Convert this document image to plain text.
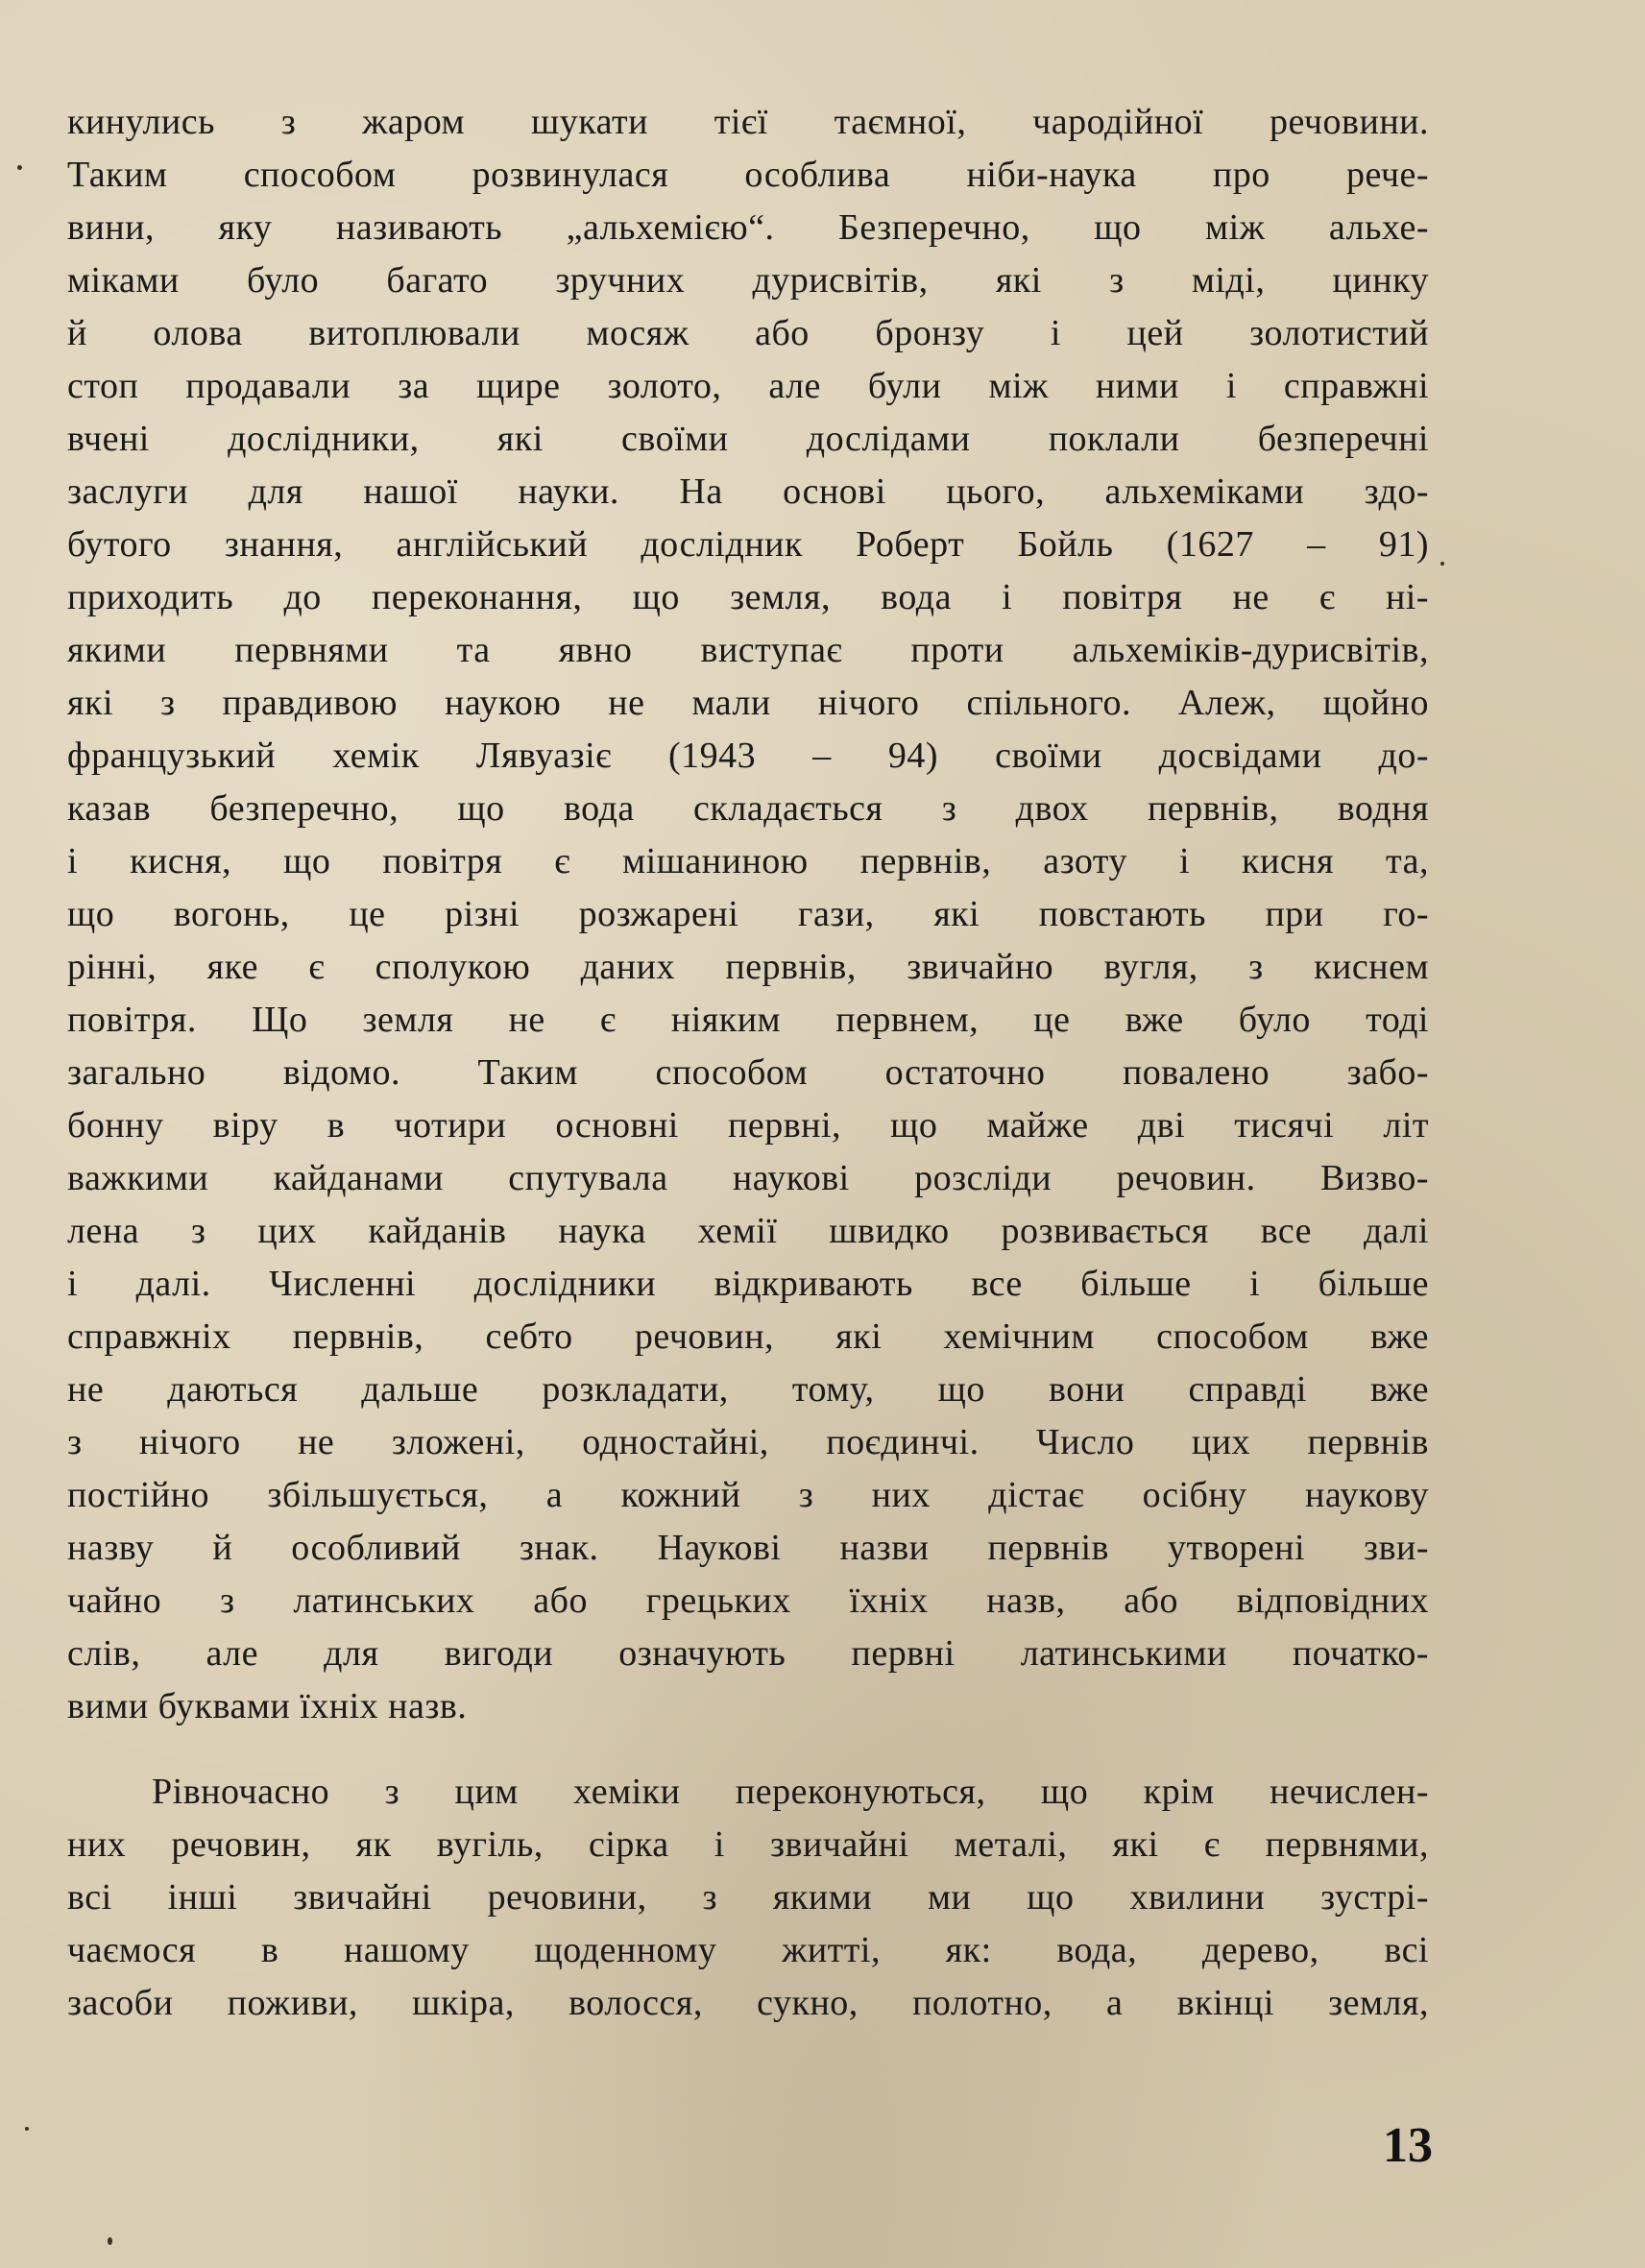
кинулись з жаром шукати тієї таємної, чародійної речовини.
Таким способом розвинулася особлива ніби-наука про рече-
вини, яку називають „альхемією“. Безперечно, що між альхе-
міками було багато зручних дурисвітів, які з міді, цинку
й олова витоплювали мосяж або бронзу і цей золотистий
стоп продавали за щире золото, але були між ними і справжні
вчені дослідники, які своїми дослідами поклали безперечні
заслуги для нашої науки. На основі цього, альхеміками здо-
бутого знання, англійський дослідник Роберт Бойль (1627 – 91)
приходить до переконання, що земля, вода і повітря не є ні-
якими первнями та явно виступає проти альхеміків-дурисвітів,
які з правдивою наукою не мали нічого спільного. Алеж, щойно
французький хемік Лявуазіє (1943 – 94) своїми досвідами до-
казав безперечно, що вода складається з двох первнів, водня
і кисня, що повітря є мішаниною первнів, азоту і кисня та,
що вогонь, це різні розжарені гази, які повстають при го-
рінні, яке є сполукою даних первнів, звичайно вугля, з киснем
повітря. Що земля не є ніяким первнем, це вже було тоді
загально відомо. Таким способом остаточно повалено забо-
бонну віру в чотири основні первні, що майже дві тисячі літ
важкими кайданами спутувала наукові розсліди речовин. Визво-
лена з цих кайданів наука хемії швидко розвивається все далі
і далі. Численні дослідники відкривають все більше і більше
справжніх первнів, себто речовин, які хемічним способом вже
не даються дальше розкладати, тому, що вони справді вже
з нічого не зложені, одностайні, поєдинчі. Число цих первнів
постійно збільшується, а кожний з них дістає осібну наукову
назву й особливий знак. Наукові назви первнів утворені зви-
чайно з латинських або грецьких їхніх назв, або відповідних
слів, але для вигоди означують первні латинськими початко-
вими буквами їхніх назв.
Рівночасно з цим хеміки переконуються, що крім нечислен-
них речовин, як вугіль, сірка і звичайні металі, які є первнями,
всі інші звичайні речовини, з якими ми що хвилини зустрі-
чаємося в нашому щоденному житті, як: вода, дерево, всі
засоби поживи, шкіра, волосся, сукно, полотно, а вкінці земля,
13
